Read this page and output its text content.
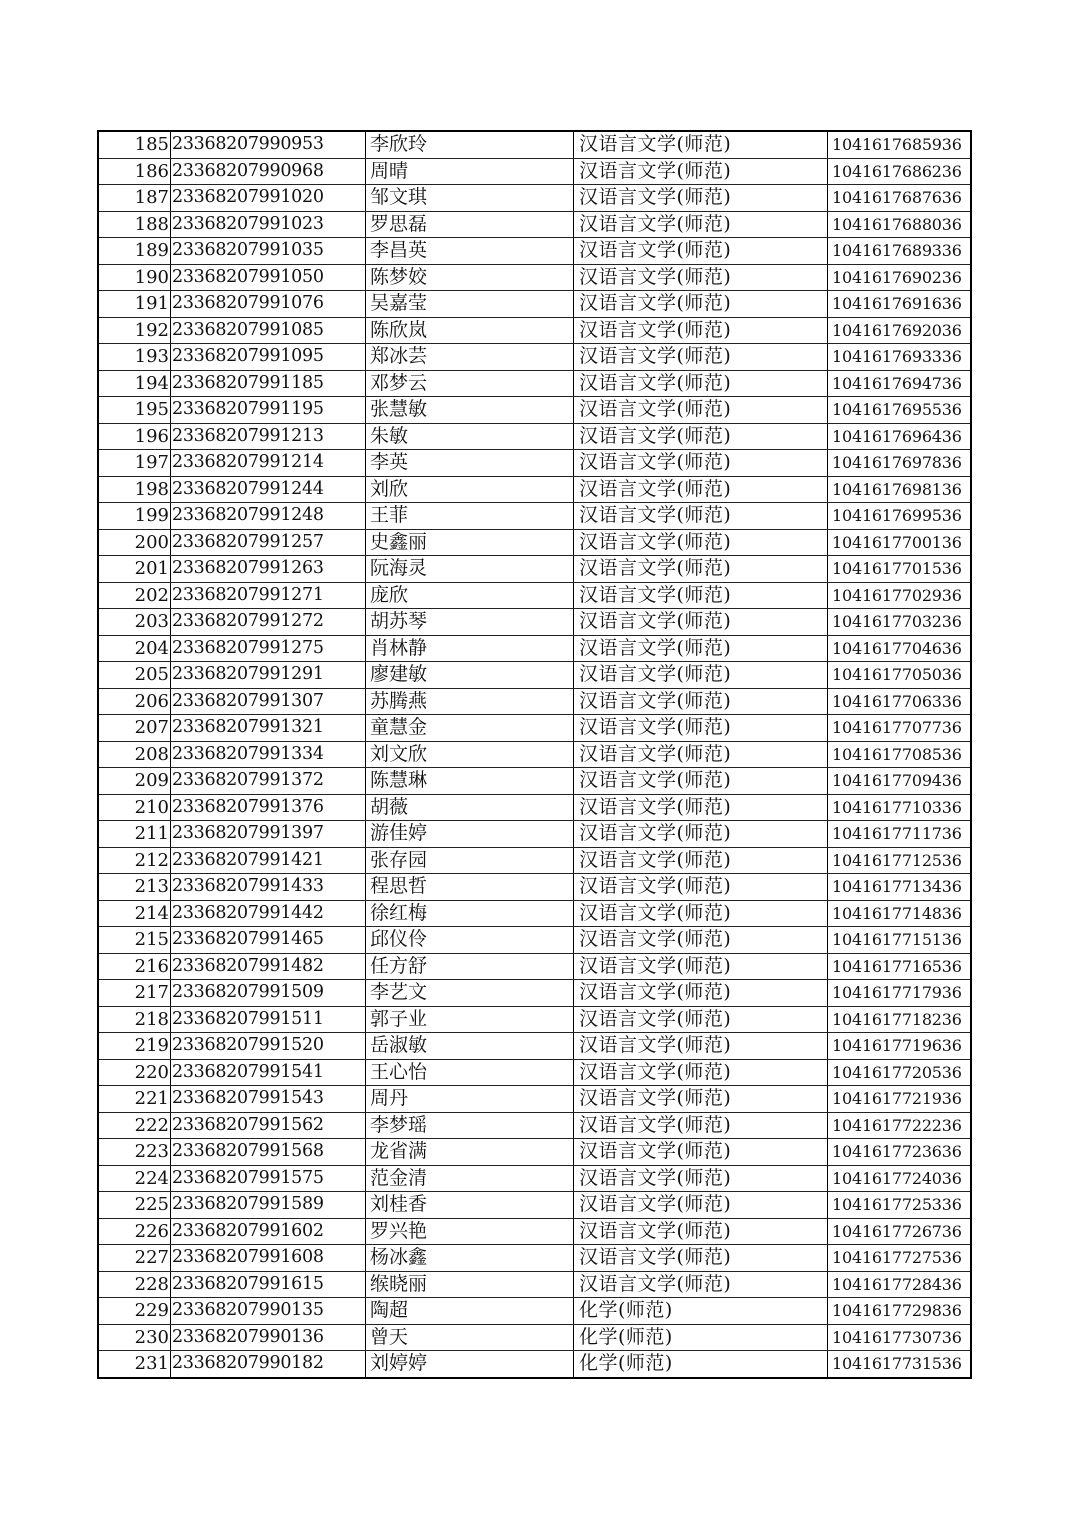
185	23368207990953	李欣玲	汉语言文学(师范)	1041617685936
186	23368207990968	周晴	汉语言文学(师范)	1041617686236
187	23368207991020	邹文琪	汉语言文学(师范)	1041617687636
188	23368207991023	罗思磊	汉语言文学(师范)	1041617688036
189	23368207991035	李昌英	汉语言文学(师范)	1041617689336
190	23368207991050	陈梦姣	汉语言文学(师范)	1041617690236
191	23368207991076	吴嘉莹	汉语言文学(师范)	1041617691636
192	23368207991085	陈欣岚	汉语言文学(师范)	1041617692036
193	23368207991095	郑冰芸	汉语言文学(师范)	1041617693336
194	23368207991185	邓梦云	汉语言文学(师范)	1041617694736
195	23368207991195	张慧敏	汉语言文学(师范)	1041617695536
196	23368207991213	朱敏	汉语言文学(师范)	1041617696436
197	23368207991214	李英	汉语言文学(师范)	1041617697836
198	23368207991244	刘欣	汉语言文学(师范)	1041617698136
199	23368207991248	王菲	汉语言文学(师范)	1041617699536
200	23368207991257	史鑫丽	汉语言文学(师范)	1041617700136
201	23368207991263	阮海灵	汉语言文学(师范)	1041617701536
202	23368207991271	庞欣	汉语言文学(师范)	1041617702936
203	23368207991272	胡苏琴	汉语言文学(师范)	1041617703236
204	23368207991275	肖林静	汉语言文学(师范)	1041617704636
205	23368207991291	廖建敏	汉语言文学(师范)	1041617705036
206	23368207991307	苏腾燕	汉语言文学(师范)	1041617706336
207	23368207991321	童慧金	汉语言文学(师范)	1041617707736
208	23368207991334	刘文欣	汉语言文学(师范)	1041617708536
209	23368207991372	陈慧琳	汉语言文学(师范)	1041617709436
210	23368207991376	胡薇	汉语言文学(师范)	1041617710336
211	23368207991397	游佳婷	汉语言文学(师范)	1041617711736
212	23368207991421	张存园	汉语言文学(师范)	1041617712536
213	23368207991433	程思哲	汉语言文学(师范)	1041617713436
214	23368207991442	徐红梅	汉语言文学(师范)	1041617714836
215	23368207991465	邱仪伶	汉语言文学(师范)	1041617715136
216	23368207991482	任方舒	汉语言文学(师范)	1041617716536
217	23368207991509	李艺文	汉语言文学(师范)	1041617717936
218	23368207991511	郭子业	汉语言文学(师范)	1041617718236
219	23368207991520	岳淑敏	汉语言文学(师范)	1041617719636
220	23368207991541	王心怡	汉语言文学(师范)	1041617720536
221	23368207991543	周丹	汉语言文学(师范)	1041617721936
222	23368207991562	李梦瑶	汉语言文学(师范)	1041617722236
223	23368207991568	龙省满	汉语言文学(师范)	1041617723636
224	23368207991575	范金清	汉语言文学(师范)	1041617724036
225	23368207991589	刘桂香	汉语言文学(师范)	1041617725336
226	23368207991602	罗兴艳	汉语言文学(师范)	1041617726736
227	23368207991608	杨冰鑫	汉语言文学(师范)	1041617727536
228	23368207991615	缑晓丽	汉语言文学(师范)	1041617728436
229	23368207990135	陶超	化学(师范)	1041617729836
230	23368207990136	曾天	化学(师范)	1041617730736
231	23368207990182	刘婷婷	化学(师范)	1041617731536
